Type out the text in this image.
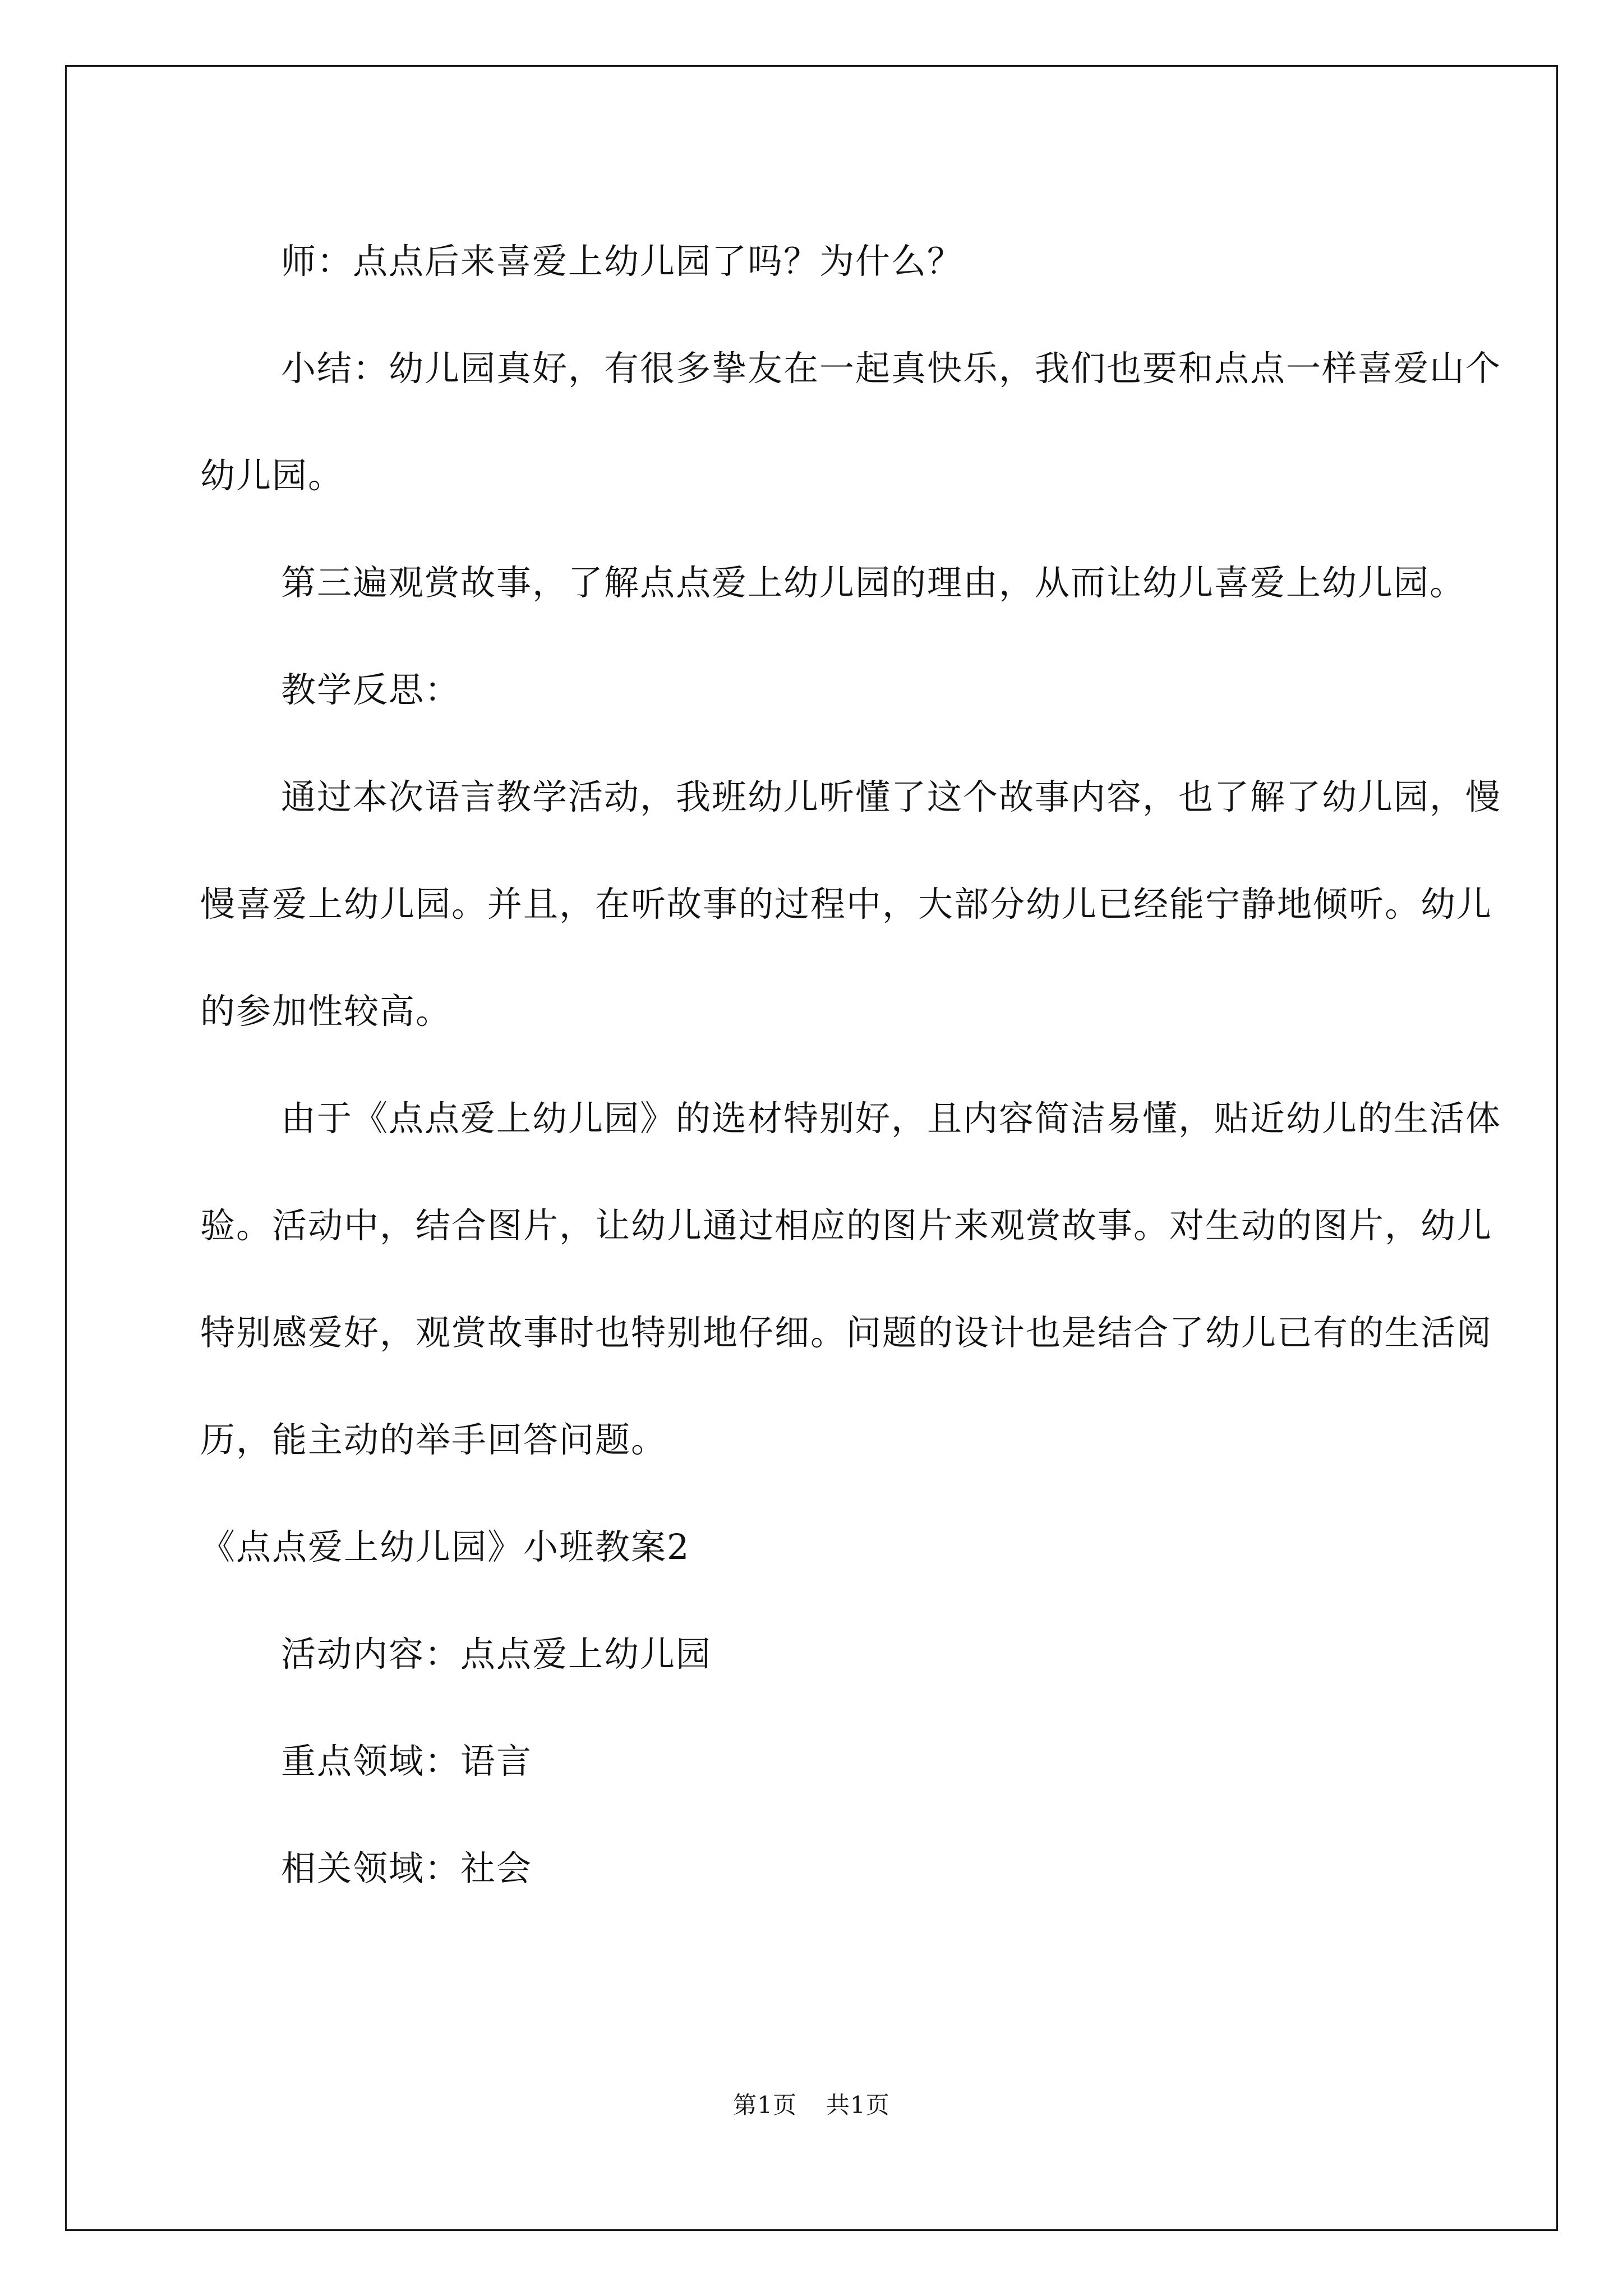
师：点点后来喜爱上幼儿园了吗？为什么？

小结：幼儿园真好，有很多挚友在一起真快乐，我们也要和点点一样喜爱山个幼儿园。

第三遍观赏故事，了解点点爱上幼儿园的理由，从而让幼儿喜爱上幼儿园。

教学反思：

通过本次语言教学活动，我班幼儿听懂了这个故事内容，也了解了幼儿园，慢慢喜爱上幼儿园。并且，在听故事的过程中，大部分幼儿已经能宁静地倾听。幼儿的参加性较高。

由于《点点爱上幼儿园》的选材特别好，且内容简洁易懂，贴近幼儿的生活体验。活动中，结合图片，让幼儿通过相应的图片来观赏故事。对生动的图片，幼儿特别感爱好，观赏故事时也特别地仔细。问题的设计也是结合了幼儿已有的生活阅历，能主动的举手回答问题。

《点点爱上幼儿园》小班教案2

活动内容：点点爱上幼儿园

重点领域：语言

相关领域：社会

第1页 共1页
